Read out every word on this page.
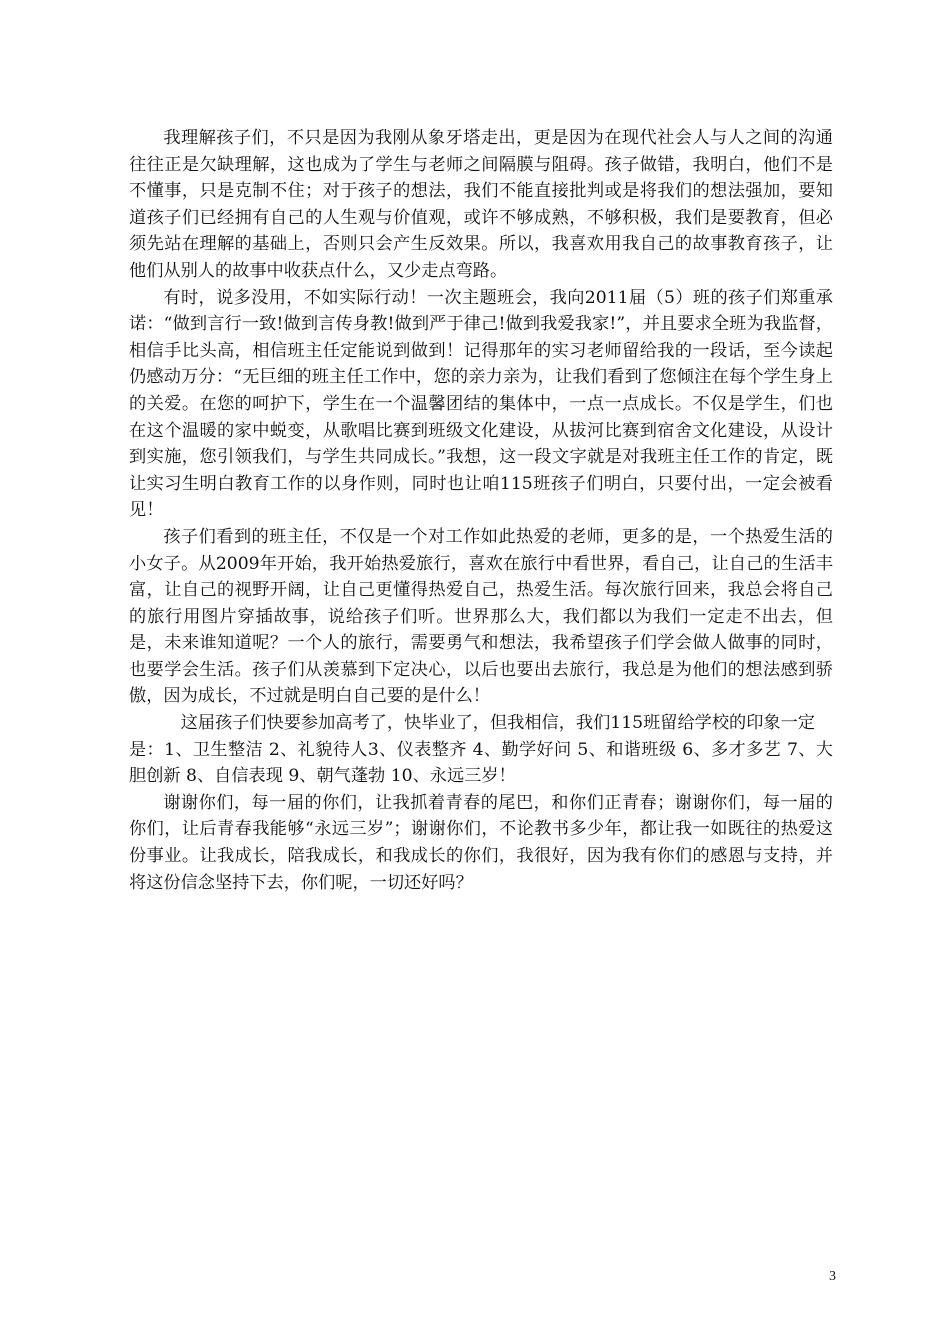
我理解孩子们，不只是因为我刚从象牙塔走出，更是因为在现代社会人与人之间的沟通往往正是欠缺理解，这也成为了学生与老师之间隔膜与阻碍。孩子做错，我明白，他们不是不懂事，只是克制不住；对于孩子的想法，我们不能直接批判或是将我们的想法强加，要知道孩子们已经拥有自己的人生观与价值观，或许不够成熟，不够积极，我们是要教育，但必须先站在理解的基础上，否则只会产生反效果。所以，我喜欢用我自己的故事教育孩子，让他们从别人的故事中收获点什么，又少走点弯路。

有时，说多没用，不如实际行动！一次主题班会，我向2011届（5）班的孩子们郑重承诺：“做到言行一致!做到言传身教!做到严于律己!做到我爱我家!”，并且要求全班为我监督，相信手比头高，相信班主任定能说到做到！记得那年的实习老师留给我的一段话，至今读起仍感动万分：“无巨细的班主任工作中，您的亲力亲为，让我们看到了您倾注在每个学生身上的关爱。在您的呵护下，学生在一个温馨团结的集体中，一点一点成长。不仅是学生，们也在这个温暖的家中蜕变，从歌唱比赛到班级文化建设，从拔河比赛到宿舍文化建设，从设计到实施，您引领我们，与学生共同成长。”我想，这一段文字就是对我班主任工作的肯定，既让实习生明白教育工作的以身作则，同时也让咱115班孩子们明白，只要付出，一定会被看见！

孩子们看到的班主任，不仅是一个对工作如此热爱的老师，更多的是，一个热爱生活的小女子。从2009年开始，我开始热爱旅行，喜欢在旅行中看世界，看自己，让自己的生活丰富，让自己的视野开阔，让自己更懂得热爱自己，热爱生活。每次旅行回来，我总会将自己的旅行用图片穿插故事，说给孩子们听。世界那么大，我们都以为我们一定走不出去，但是，未来谁知道呢？一个人的旅行，需要勇气和想法，我希望孩子们学会做人做事的同时，也要学会生活。孩子们从羡慕到下定决心，以后也要出去旅行，我总是为他们的想法感到骄傲，因为成长，不过就是明白自己要的是什么！

这届孩子们快要参加高考了，快毕业了，但我相信，我们115班留给学校的印象一定

是：1、卫生整洁 2、礼貌待人3、仪表整齐 4、勤学好问 5、和谐班级 6、多才多艺 7、大胆创新 8、自信表现 9、朝气蓬勃 10、永远三岁！

谢谢你们，每一届的你们，让我抓着青春的尾巴，和你们正青春；谢谢你们，每一届的你们，让后青春我能够“永远三岁”；谢谢你们，不论教书多少年，都让我一如既往的热爱这份事业。让我成长，陪我成长，和我成长的你们，我很好，因为我有你们的感恩与支持，并将这份信念坚持下去，你们呢，一切还好吗？

3
